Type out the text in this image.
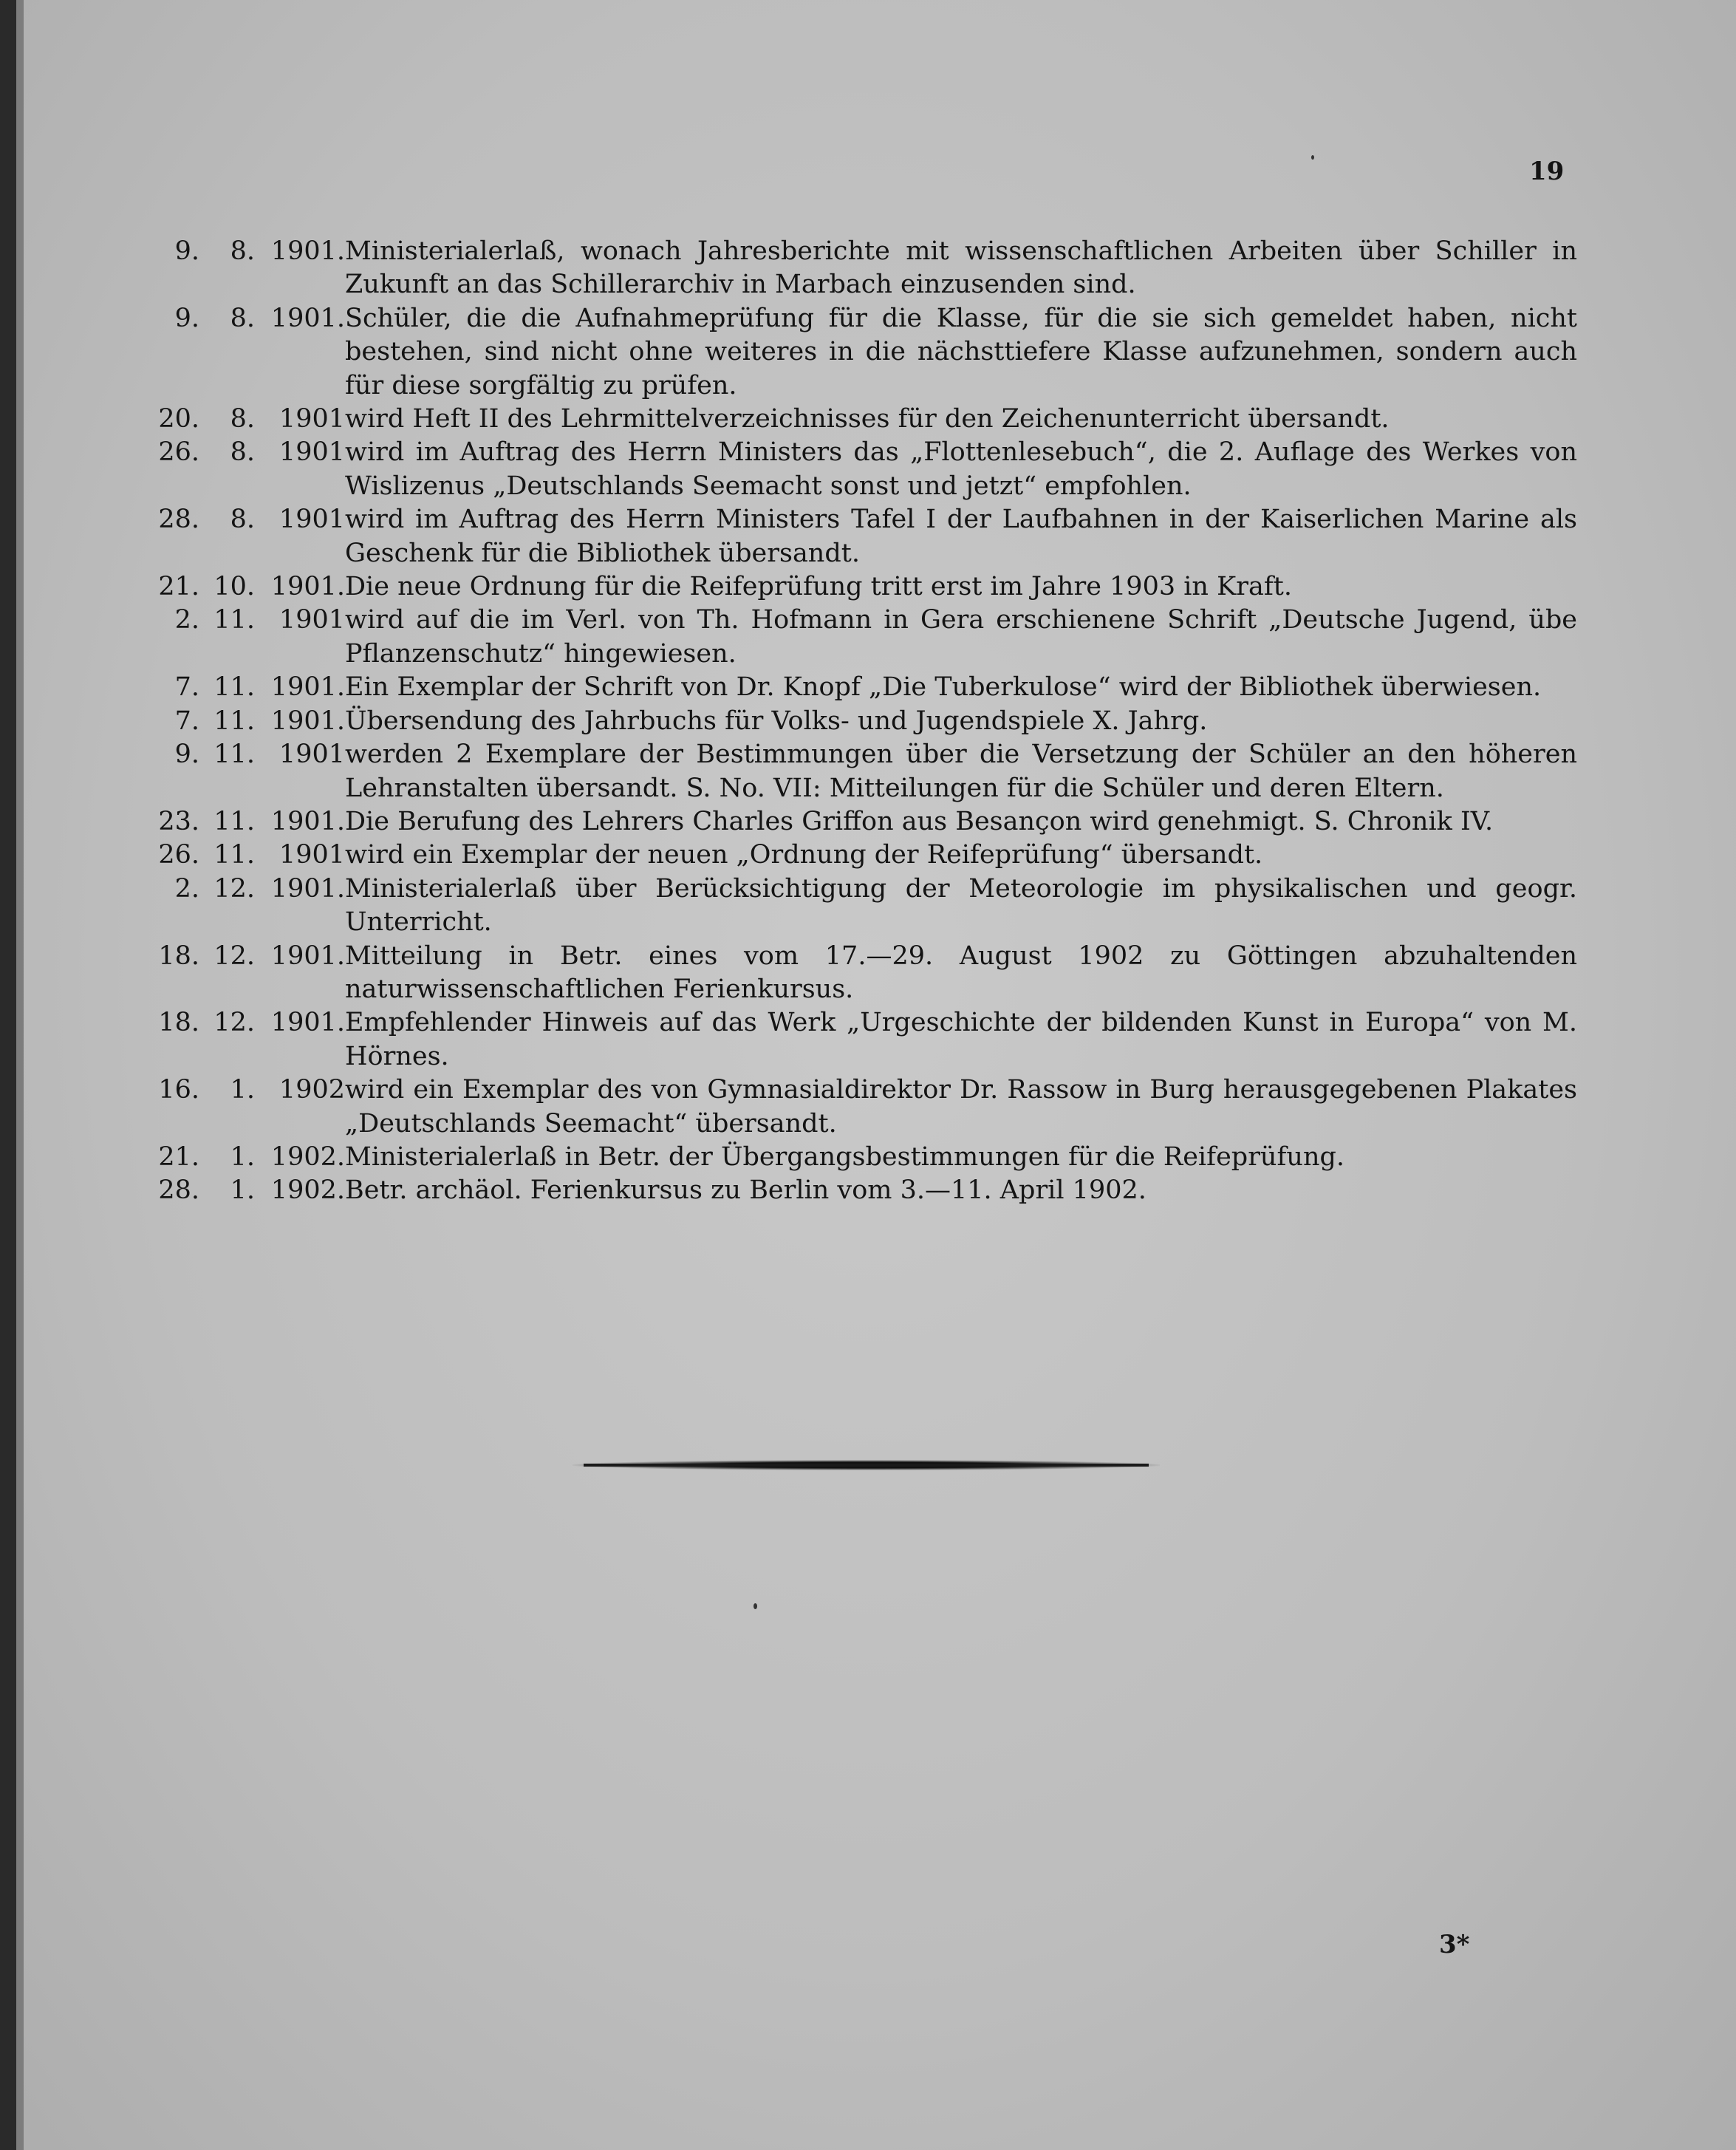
19
9.	8. 1901. Ministerialerlaß, wonach Jahresberichte mit wissenschaftlichen Arbeiten über Schiller in Zukunft an das Schillerarchiv in Marbach einzusenden sind.
9.	8. 1901. Schüler, die die Aufnahmeprüfung für die Klasse, für die sie sich gemeldet haben, nicht bestehen, sind nicht ohne weiteres in die nächsttiefere Klasse aufzunehmen, sondern auch für diese sorgfältig zu prüfen.
20.	8. 1901 wird Heft II des Lehrmittelverzeichnisses für den Zeichenunterricht übersandt.
26.	8. 1901 wird im Auftrag des Herrn Ministers das „Flottenlesebuch“, die 2. Auflage des Werkes von Wislizenus „Deutschlands Seemacht sonst und jetzt“ empfohlen.
28.	8. 1901 wird im Auftrag des Herrn Ministers Tafel I der Laufbahnen in der Kaiserlichen Marine als Geschenk für die Bibliothek übersandt.
21. 10. 1901. Die neue Ordnung für die Reifeprüfung tritt erst im Jahre 1903 in Kraft.
2. 11. 1901 wird auf die im Verl. von Th. Hofmann in Gera erschienene Schrift „Deutsche Jugend, übe Pflanzenschutz“ hingewiesen.
7. 11. 1901. Ein Exemplar der Schrift von Dr. Knopf „Die Tuberkulose“ wird der Bibliothek überwiesen.
7. 11. 1901. Übersendung des Jahrbuchs für Volks- und Jugendspiele X. Jahrg.
9. 11. 1901 werden 2 Exemplare der Bestimmungen über die Versetzung der Schüler an den höheren Lehranstalten übersandt. S. No. VII: Mitteilungen für die Schüler und deren Eltern.
23. 11. 1901. Die Berufung des Lehrers Charles Griffon aus Besançon wird genehmigt. S. Chronik IV.
26. 11. 1901 wird ein Exemplar der neuen „Ordnung der Reifeprüfung“ übersandt.
2. 12. 1901. Ministerialerlaß über Berücksichtigung der Meteorologie im physikalischen und geogr. Unterricht.
18. 12. 1901. Mitteilung in Betr. eines vom 17.—29. August 1902 zu Göttingen abzuhaltenden naturwissenschaftlichen Ferienkursus.
18. 12. 1901. Empfehlender Hinweis auf das Werk „Urgeschichte der bildenden Kunst in Europa“ von M. Hörnes.
16.	1. 1902 wird ein Exemplar des von Gymnasialdirektor Dr. Rassow in Burg herausgegebenen Plakates „Deutschlands Seemacht“ übersandt.
21.	1. 1902. Ministerialerlaß in Betr. der Übergangsbestimmungen für die Reifeprüfung.
28.	1. 1902. Betr. archäol. Ferienkursus zu Berlin vom 3.—11. April 1902.
3*
